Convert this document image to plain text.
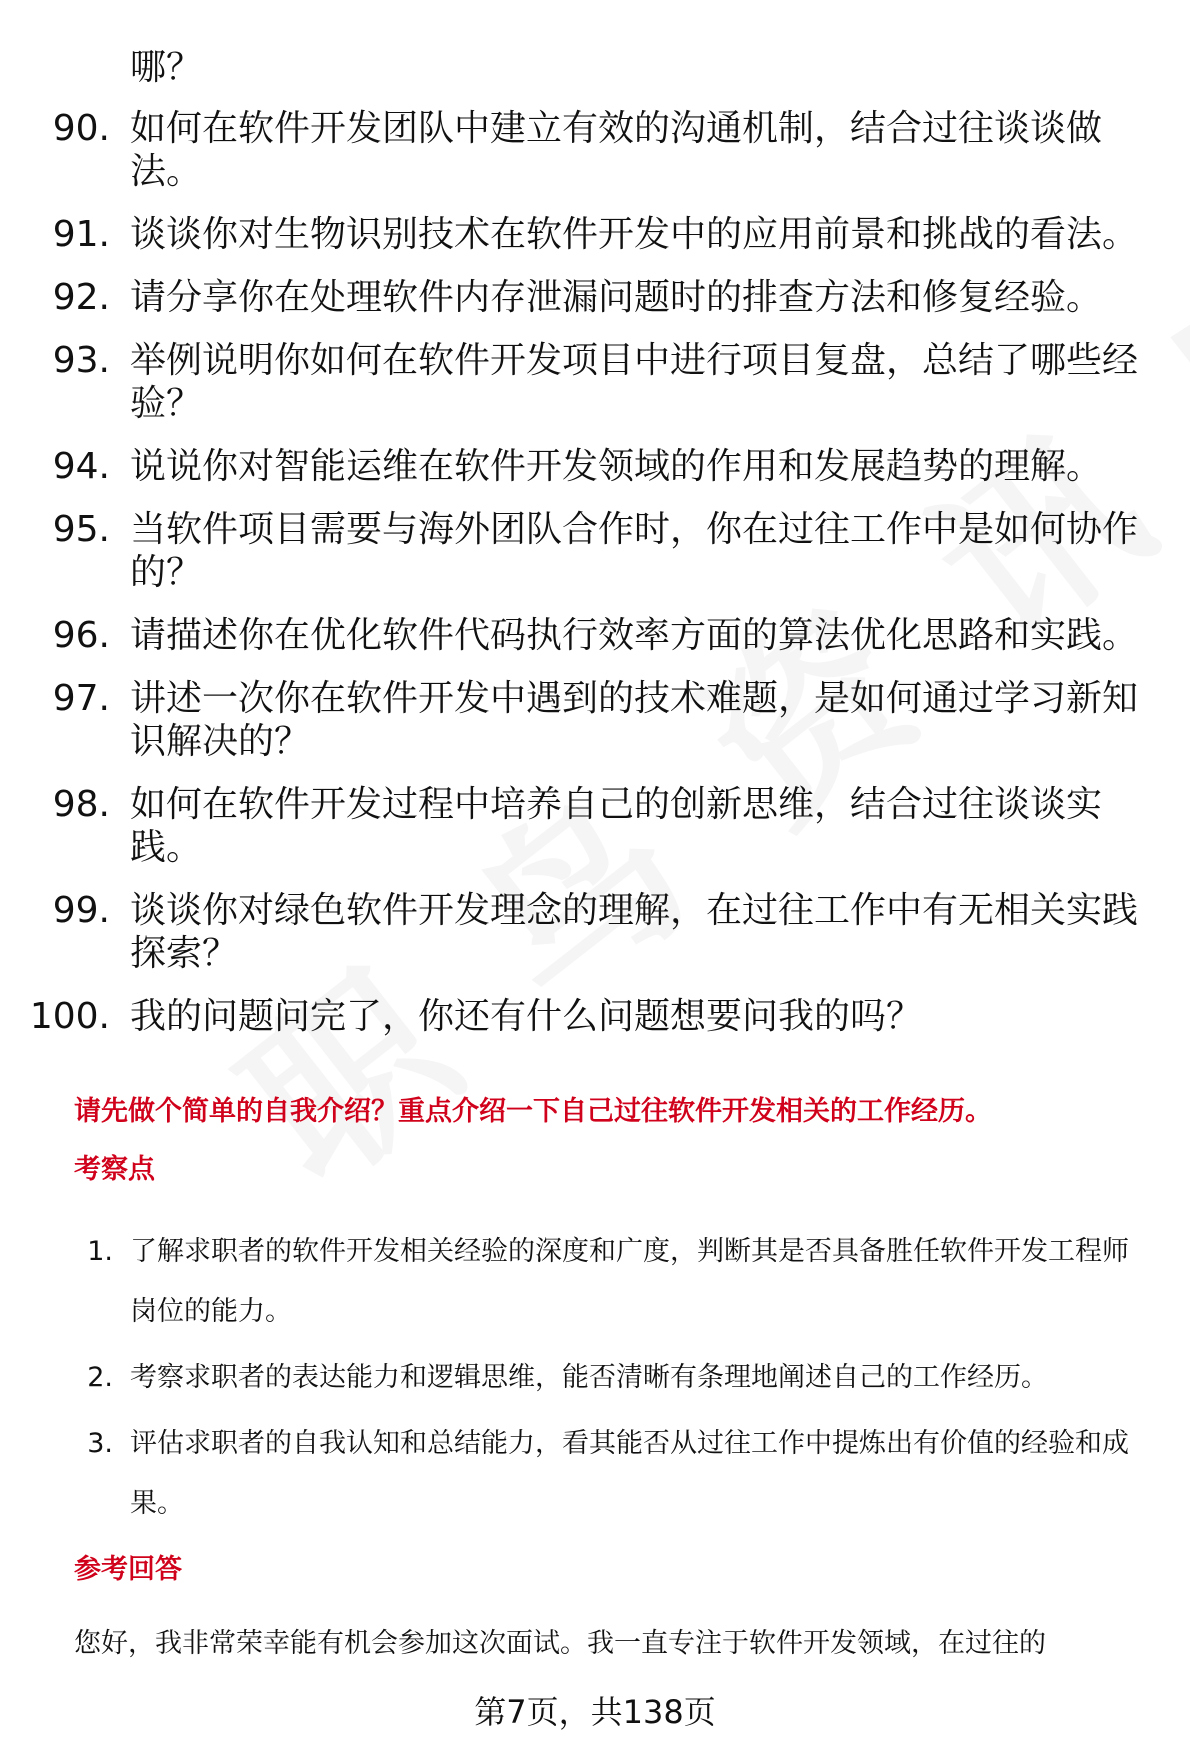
哪？
90. 如何在软件开发团队中建立有效的沟通机制，结合过往谈谈做法。
91. 谈谈你对生物识别技术在软件开发中的应用前景和挑战的看法。
92. 请分享你在处理软件内存泄漏问题时的排查方法和修复经验。
93. 举例说明你如何在软件开发项目中进行项目复盘，总结了哪些经验？
94. 说说你对智能运维在软件开发领域的作用和发展趋势的理解。
95. 当软件项目需要与海外团队合作时，你在过往工作中是如何协作的？
96. 请描述你在优化软件代码执行效率方面的算法优化思路和实践。
97. 讲述一次你在软件开发中遇到的技术难题，是如何通过学习新知识解决的？
98. 如何在软件开发过程中培养自己的创新思维，结合过往谈谈实践。
99. 谈谈你对绿色软件开发理念的理解，在过往工作中有无相关实践探索？
100. 我的问题问完了，你还有什么问题想要问我的吗？
请先做个简单的自我介绍？重点介绍一下自己过往软件开发相关的工作经历。
考察点
1. 了解求职者的软件开发相关经验的深度和广度，判断其是否具备胜任软件开发工程师岗位的能力。
2. 考察求职者的表达能力和逻辑思维，能否清晰有条理地阐述自己的工作经历。
3. 评估求职者的自我认知和总结能力，看其能否从过往工作中提炼出有价值的经验和成果。
参考回答
您好，我非常荣幸能有机会参加这次面试。我一直专注于软件开发领域，在过往的
第7页，共138页
